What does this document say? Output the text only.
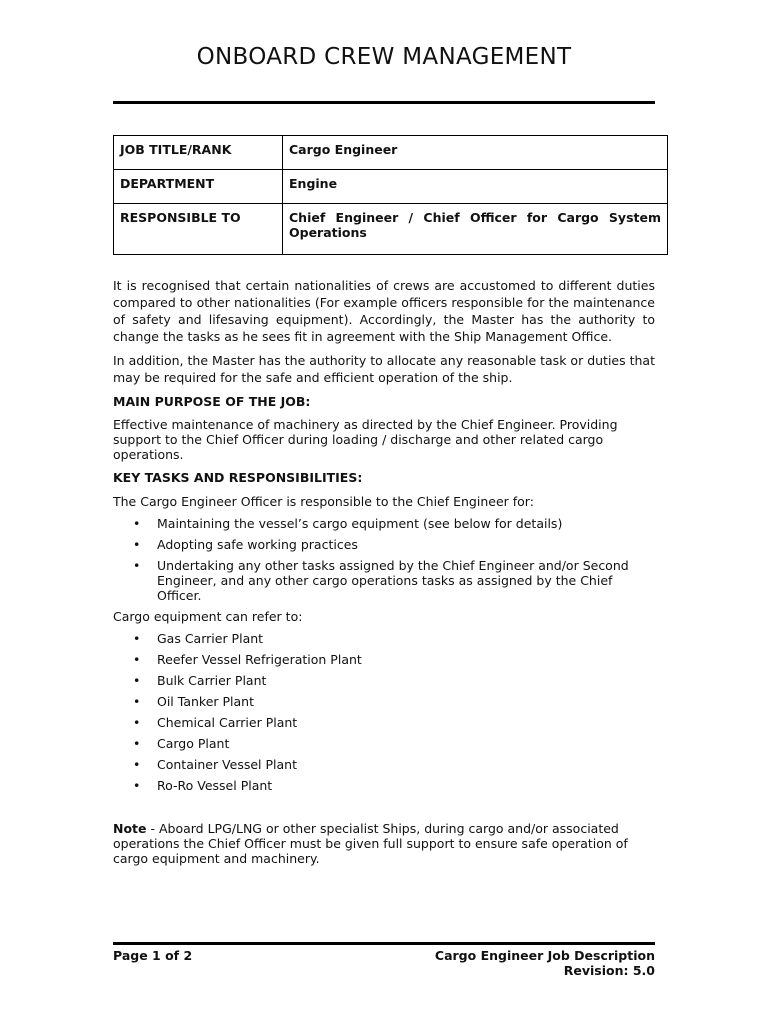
ONBOARD CREW MANAGEMENT
JOB TITLE/RANK	Cargo Engineer
DEPARTMENT	Engine
RESPONSIBLE TO	Chief Engineer / Chief Officer for Cargo System Operations

It is recognised that certain nationalities of crews are accustomed to different duties compared to other nationalities (For example officers responsible for the maintenance of safety and lifesaving equipment). Accordingly, the Master has the authority to change the tasks as he sees fit in agreement with the Ship Management Office.

In addition, the Master has the authority to allocate any reasonable task or duties that may be required for the safe and efficient operation of the ship.

MAIN PURPOSE OF THE JOB:

Effective maintenance of machinery as directed by the Chief Engineer. Providing support to the Chief Officer during loading / discharge and other related cargo operations.

KEY TASKS AND RESPONSIBILITIES:

The Cargo Engineer Officer is responsible to the Chief Engineer for:

• Maintaining the vessel’s cargo equipment (see below for details)
• Adopting safe working practices
• Undertaking any other tasks assigned by the Chief Engineer and/or Second Engineer, and any other cargo operations tasks as assigned by the Chief Officer.

Cargo equipment can refer to:

• Gas Carrier Plant
• Reefer Vessel Refrigeration Plant
• Bulk Carrier Plant
• Oil Tanker Plant
• Chemical Carrier Plant
• Cargo Plant
• Container Vessel Plant
• Ro-Ro Vessel Plant

Note - Aboard LPG/LNG or other specialist Ships, during cargo and/or associated operations the Chief Officer must be given full support to ensure safe operation of cargo equipment and machinery.

Page 1 of 2	Cargo Engineer Job Description
Revision: 5.0
